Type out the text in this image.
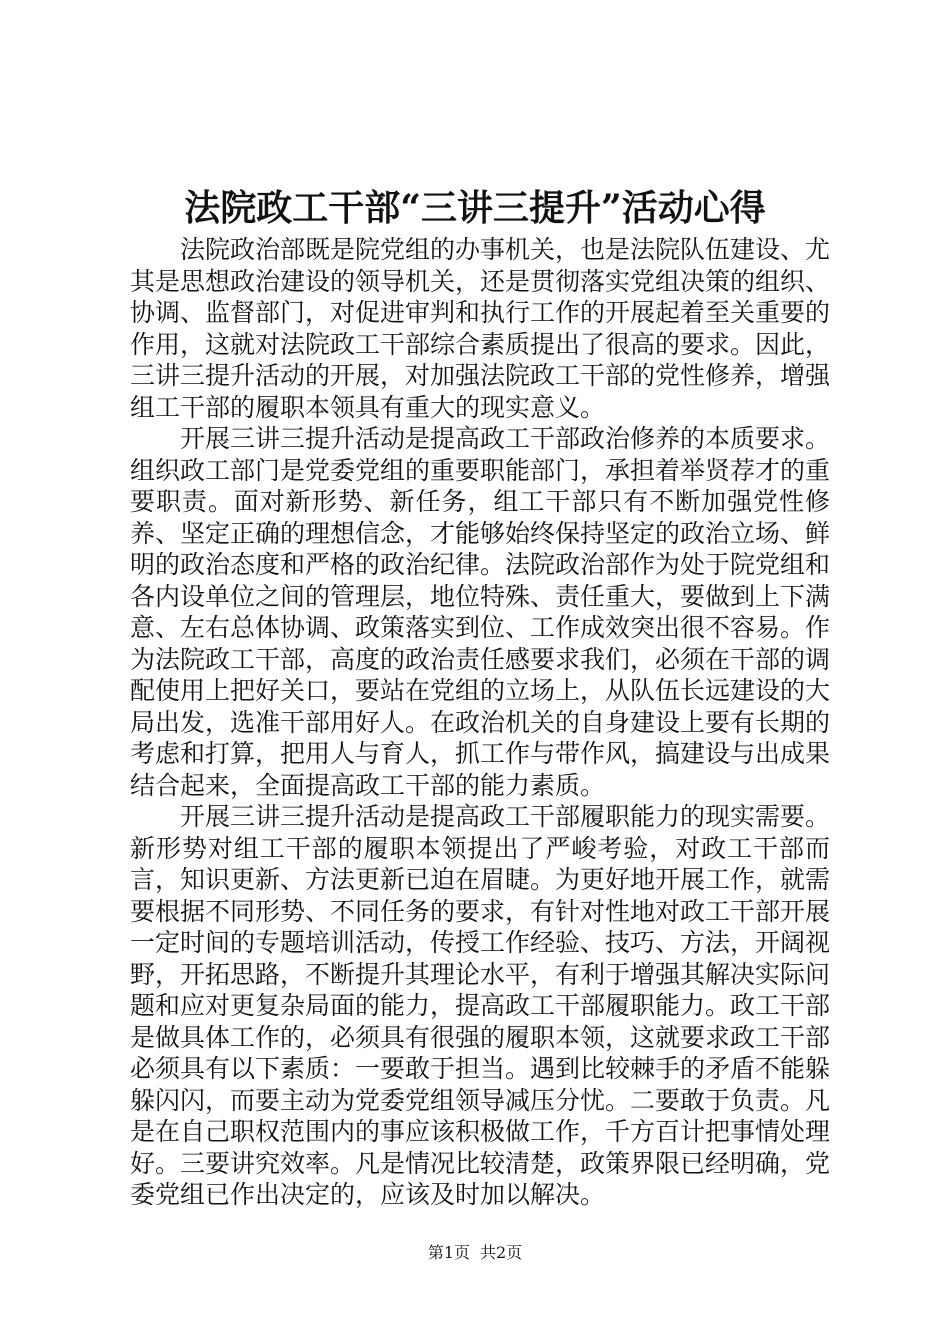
法院政工干部“三讲三提升”活动心得

法院政治部既是院党组的办事机关，也是法院队伍建设、尤其是思想政治建设的领导机关，还是贯彻落实党组决策的组织、协调、监督部门，对促进审判和执行工作的开展起着至关重要的作用，这就对法院政工干部综合素质提出了很高的要求。因此，三讲三提升活动的开展，对加强法院政工干部的党性修养，增强组工干部的履职本领具有重大的现实意义。

开展三讲三提升活动是提高政工干部政治修养的本质要求。组织政工部门是党委党组的重要职能部门，承担着举贤荐才的重要职责。面对新形势、新任务，组工干部只有不断加强党性修养、坚定正确的理想信念，才能够始终保持坚定的政治立场、鲜明的政治态度和严格的政治纪律。法院政治部作为处于院党组和各内设单位之间的管理层，地位特殊、责任重大，要做到上下满意、左右总体协调、政策落实到位、工作成效突出很不容易。作为法院政工干部，高度的政治责任感要求我们，必须在干部的调配使用上把好关口，要站在党组的立场上，从队伍长远建设的大局出发，选准干部用好人。在政治机关的自身建设上要有长期的考虑和打算，把用人与育人，抓工作与带作风，搞建设与出成果结合起来，全面提高政工干部的能力素质。

开展三讲三提升活动是提高政工干部履职能力的现实需要。新形势对组工干部的履职本领提出了严峻考验，对政工干部而言，知识更新、方法更新已迫在眉睫。为更好地开展工作，就需要根据不同形势、不同任务的要求，有针对性地对政工干部开展一定时间的专题培训活动，传授工作经验、技巧、方法，开阔视野，开拓思路，不断提升其理论水平，有利于增强其解决实际问题和应对更复杂局面的能力，提高政工干部履职能力。政工干部是做具体工作的，必须具有很强的履职本领，这就要求政工干部必须具有以下素质：一要敢于担当。遇到比较棘手的矛盾不能躲躲闪闪，而要主动为党委党组领导减压分忧。二要敢于负责。凡是在自己职权范围内的事应该积极做工作，千方百计把事情处理好。三要讲究效率。凡是情况比较清楚，政策界限已经明确，党委党组已作出决定的，应该及时加以解决。

第1页 共2页
